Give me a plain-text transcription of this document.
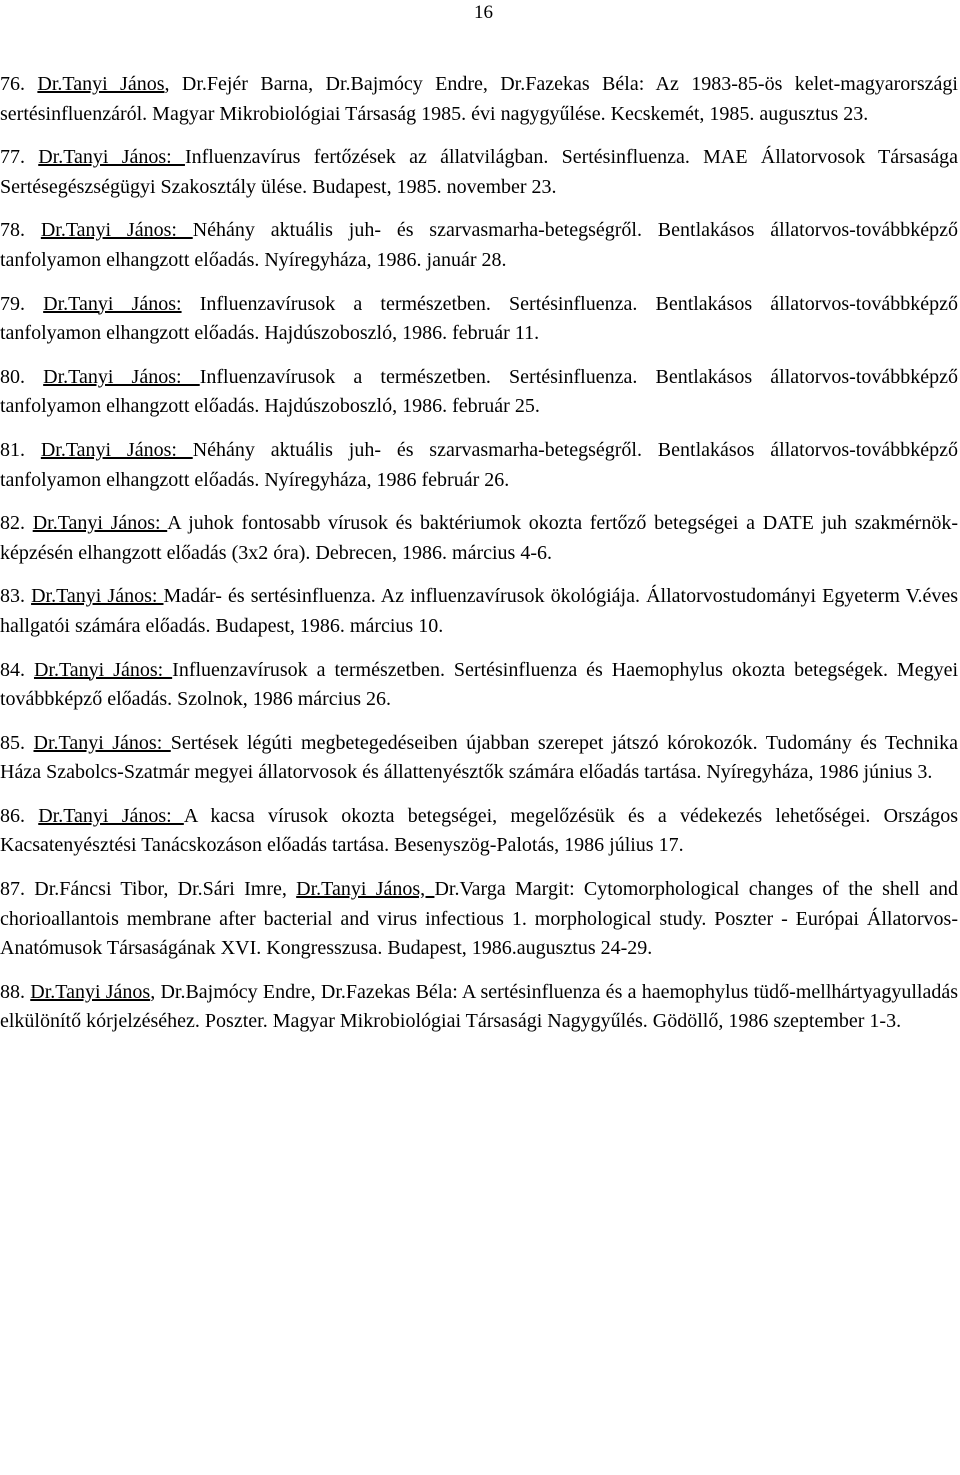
16

76. Dr.Tanyi János, Dr.Fejér Barna, Dr.Bajmócy Endre, Dr.Fazekas Béla: Az 1983-85-ös kelet-magyarországi sertésinfluenzáról. Magyar Mikrobiológiai Társaság 1985. évi nagygyűlése. Kecskemét, 1985. augusztus 23.

77. Dr.Tanyi János: Influenzavírus fertőzések az állatvilágban. Sertésinfluenza. MAE Állatorvosok Társasága Sertésegészségügyi Szakosztály ülése. Budapest, 1985. november 23.

78. Dr.Tanyi János: Néhány aktuális juh- és szarvasmarha-betegségről. Bentlakásos állatorvos-továbbképző tanfolyamon elhangzott előadás. Nyíregyháza, 1986. január 28.

79. Dr.Tanyi János: Influenzavírusok a természetben. Sertésinfluenza. Bentlakásos állatorvos-továbbképző tanfolyamon elhangzott előadás. Hajdúszoboszló, 1986. február 11.

80. Dr.Tanyi János: Influenzavírusok a természetben. Sertésinfluenza. Bentlakásos állatorvos-továbbképző tanfolyamon elhangzott előadás. Hajdúszoboszló, 1986. február 25.

81. Dr.Tanyi János: Néhány aktuális juh- és szarvasmarha-betegségről. Bentlakásos állatorvos-továbbképző tanfolyamon elhangzott előadás. Nyíregyháza, 1986 február 26.

82. Dr.Tanyi János: A juhok fontosabb vírusok és baktériumok okozta fertőző betegségei a DATE juh szakmérnök-képzésén elhangzott előadás (3x2 óra). Debrecen, 1986. március 4-6.

83. Dr.Tanyi János: Madár- és sertésinfluenza. Az influenzavírusok ökológiája. Állatorvostudományi Egyeterm V.éves hallgatói számára előadás. Budapest, 1986. március 10.

84. Dr.Tanyi János: Influenzavírusok a természetben. Sertésinfluenza és Haemophylus okozta betegségek. Megyei továbbképző előadás. Szolnok, 1986 március 26.

85. Dr.Tanyi János: Sertések légúti megbetegedéseiben újabban szerepet játszó kórokozók. Tudomány és Technika Háza Szabolcs-Szatmár megyei állatorvosok és állattenyésztők számára előadás tartása. Nyíregyháza, 1986 június 3.

86. Dr.Tanyi János: A kacsa vírusok okozta betegségei, megelőzésük és a védekezés lehetőségei. Országos Kacsatenyésztési Tanácskozáson előadás tartása. Besenyszög-Palotás, 1986 július 17.

87. Dr.Fáncsi Tibor, Dr.Sári Imre, Dr.Tanyi János, Dr.Varga Margit: Cytomorphological changes of the shell and chorioallantois membrane after bacterial and virus infectious 1. morphological study. Poszter - Európai Állatorvos-Anatómusok Társaságának XVI. Kongresszusa. Budapest, 1986.augusztus 24-29.

88. Dr.Tanyi János, Dr.Bajmócy Endre, Dr.Fazekas Béla: A sertésinfluenza és a haemophylus tüdő-mellhártyagyulladás elkülönítő kórjelzéséhez. Poszter. Magyar Mikrobiológiai Társasági Nagygyűlés. Gödöllő, 1986 szeptember 1-3.
